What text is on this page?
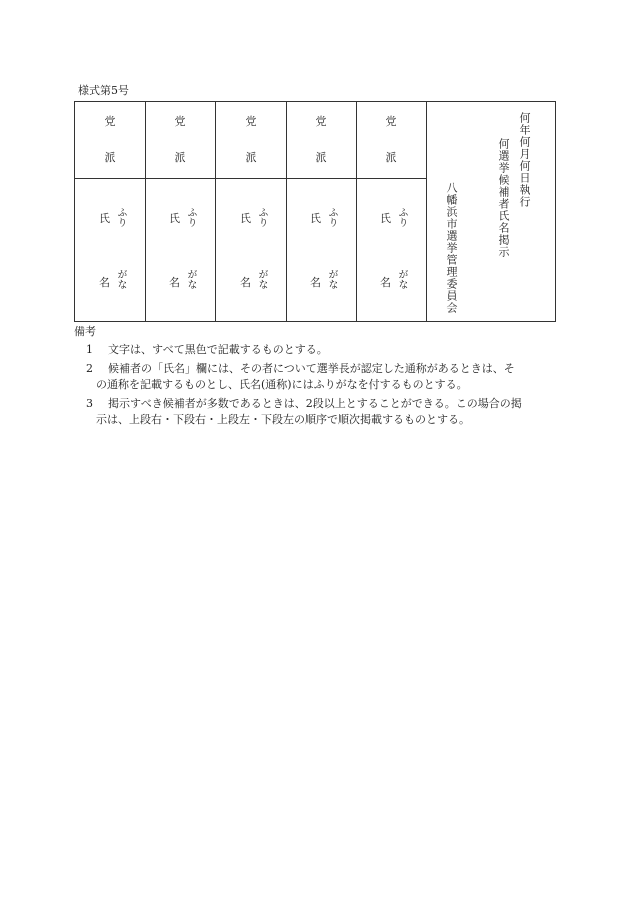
様式第5号
党
派
氏 ふり
名 がな
党
派
氏 ふり
名 がな
党
派
氏 ふり
名 がな
党
派
氏 ふり
名 がな
党
派
氏 ふり
名 がな
何年何月何日執行
何選挙候補者氏名掲示
八幡浜市選挙管理委員会
備考
1 文字は、すべて黒色で記載するものとする。
2 候補者の「氏名」欄には、その者について選挙長が認定した通称があるときは、そ
の通称を記載するものとし、氏名(通称)にはふりがなを付するものとする。
3 掲示すべき候補者が多数であるときは、2段以上とすることができる。この場合の掲
示は、上段右・下段右・上段左・下段左の順序で順次掲載するものとする。
